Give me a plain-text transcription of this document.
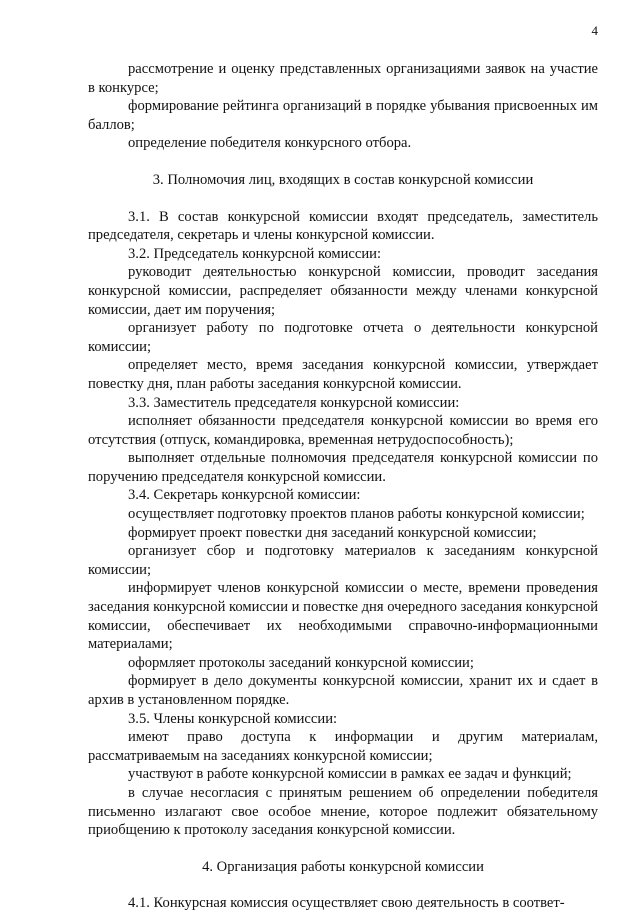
4

рассмотрение и оценку представленных организациями заявок на участие в конкурсе;

формирование рейтинга организаций в порядке убывания присвоенных им баллов;

определение победителя конкурсного отбора.

3. Полномочия лиц, входящих в состав конкурсной комиссии

3.1. В состав конкурсной комиссии входят председатель, заместитель председателя, секретарь и члены конкурсной комиссии.

3.2. Председатель конкурсной комиссии:

руководит деятельностью конкурсной комиссии, проводит заседания конкурсной комиссии, распределяет обязанности между членами конкурсной комиссии, дает им поручения;

организует работу по подготовке отчета о деятельности конкурсной комиссии;

определяет место, время заседания конкурсной комиссии, утверждает повестку дня, план работы заседания конкурсной комиссии.

3.3. Заместитель председателя конкурсной комиссии:

исполняет обязанности председателя конкурсной комиссии во время его отсутствия (отпуск, командировка, временная нетрудоспособность);

выполняет отдельные полномочия председателя конкурсной комиссии по поручению председателя конкурсной комиссии.

3.4. Секретарь конкурсной комиссии:

осуществляет подготовку проектов планов работы конкурсной комиссии;

формирует проект повестки дня заседаний конкурсной комиссии;

организует сбор и подготовку материалов к заседаниям конкурсной комиссии;

информирует членов конкурсной комиссии о месте, времени проведения заседания конкурсной комиссии и повестке дня очередного заседания конкурсной комиссии, обеспечивает их необходимыми справочно-информационными материалами;

оформляет протоколы заседаний конкурсной комиссии;

формирует в дело документы конкурсной комиссии, хранит их и сдает в архив в установленном порядке.

3.5. Члены конкурсной комиссии:

имеют право доступа к информации и другим материалам, рассматриваемым на заседаниях конкурсной комиссии;

участвуют в работе конкурсной комиссии в рамках ее задач и функций;

в случае несогласия с принятым решением об определении победителя письменно излагают свое особое мнение, которое подлежит обязательному приобщению к протоколу заседания конкурсной комиссии.

4. Организация работы конкурсной комиссии

4.1. Конкурсная комиссия осуществляет свою деятельность в соответ-
